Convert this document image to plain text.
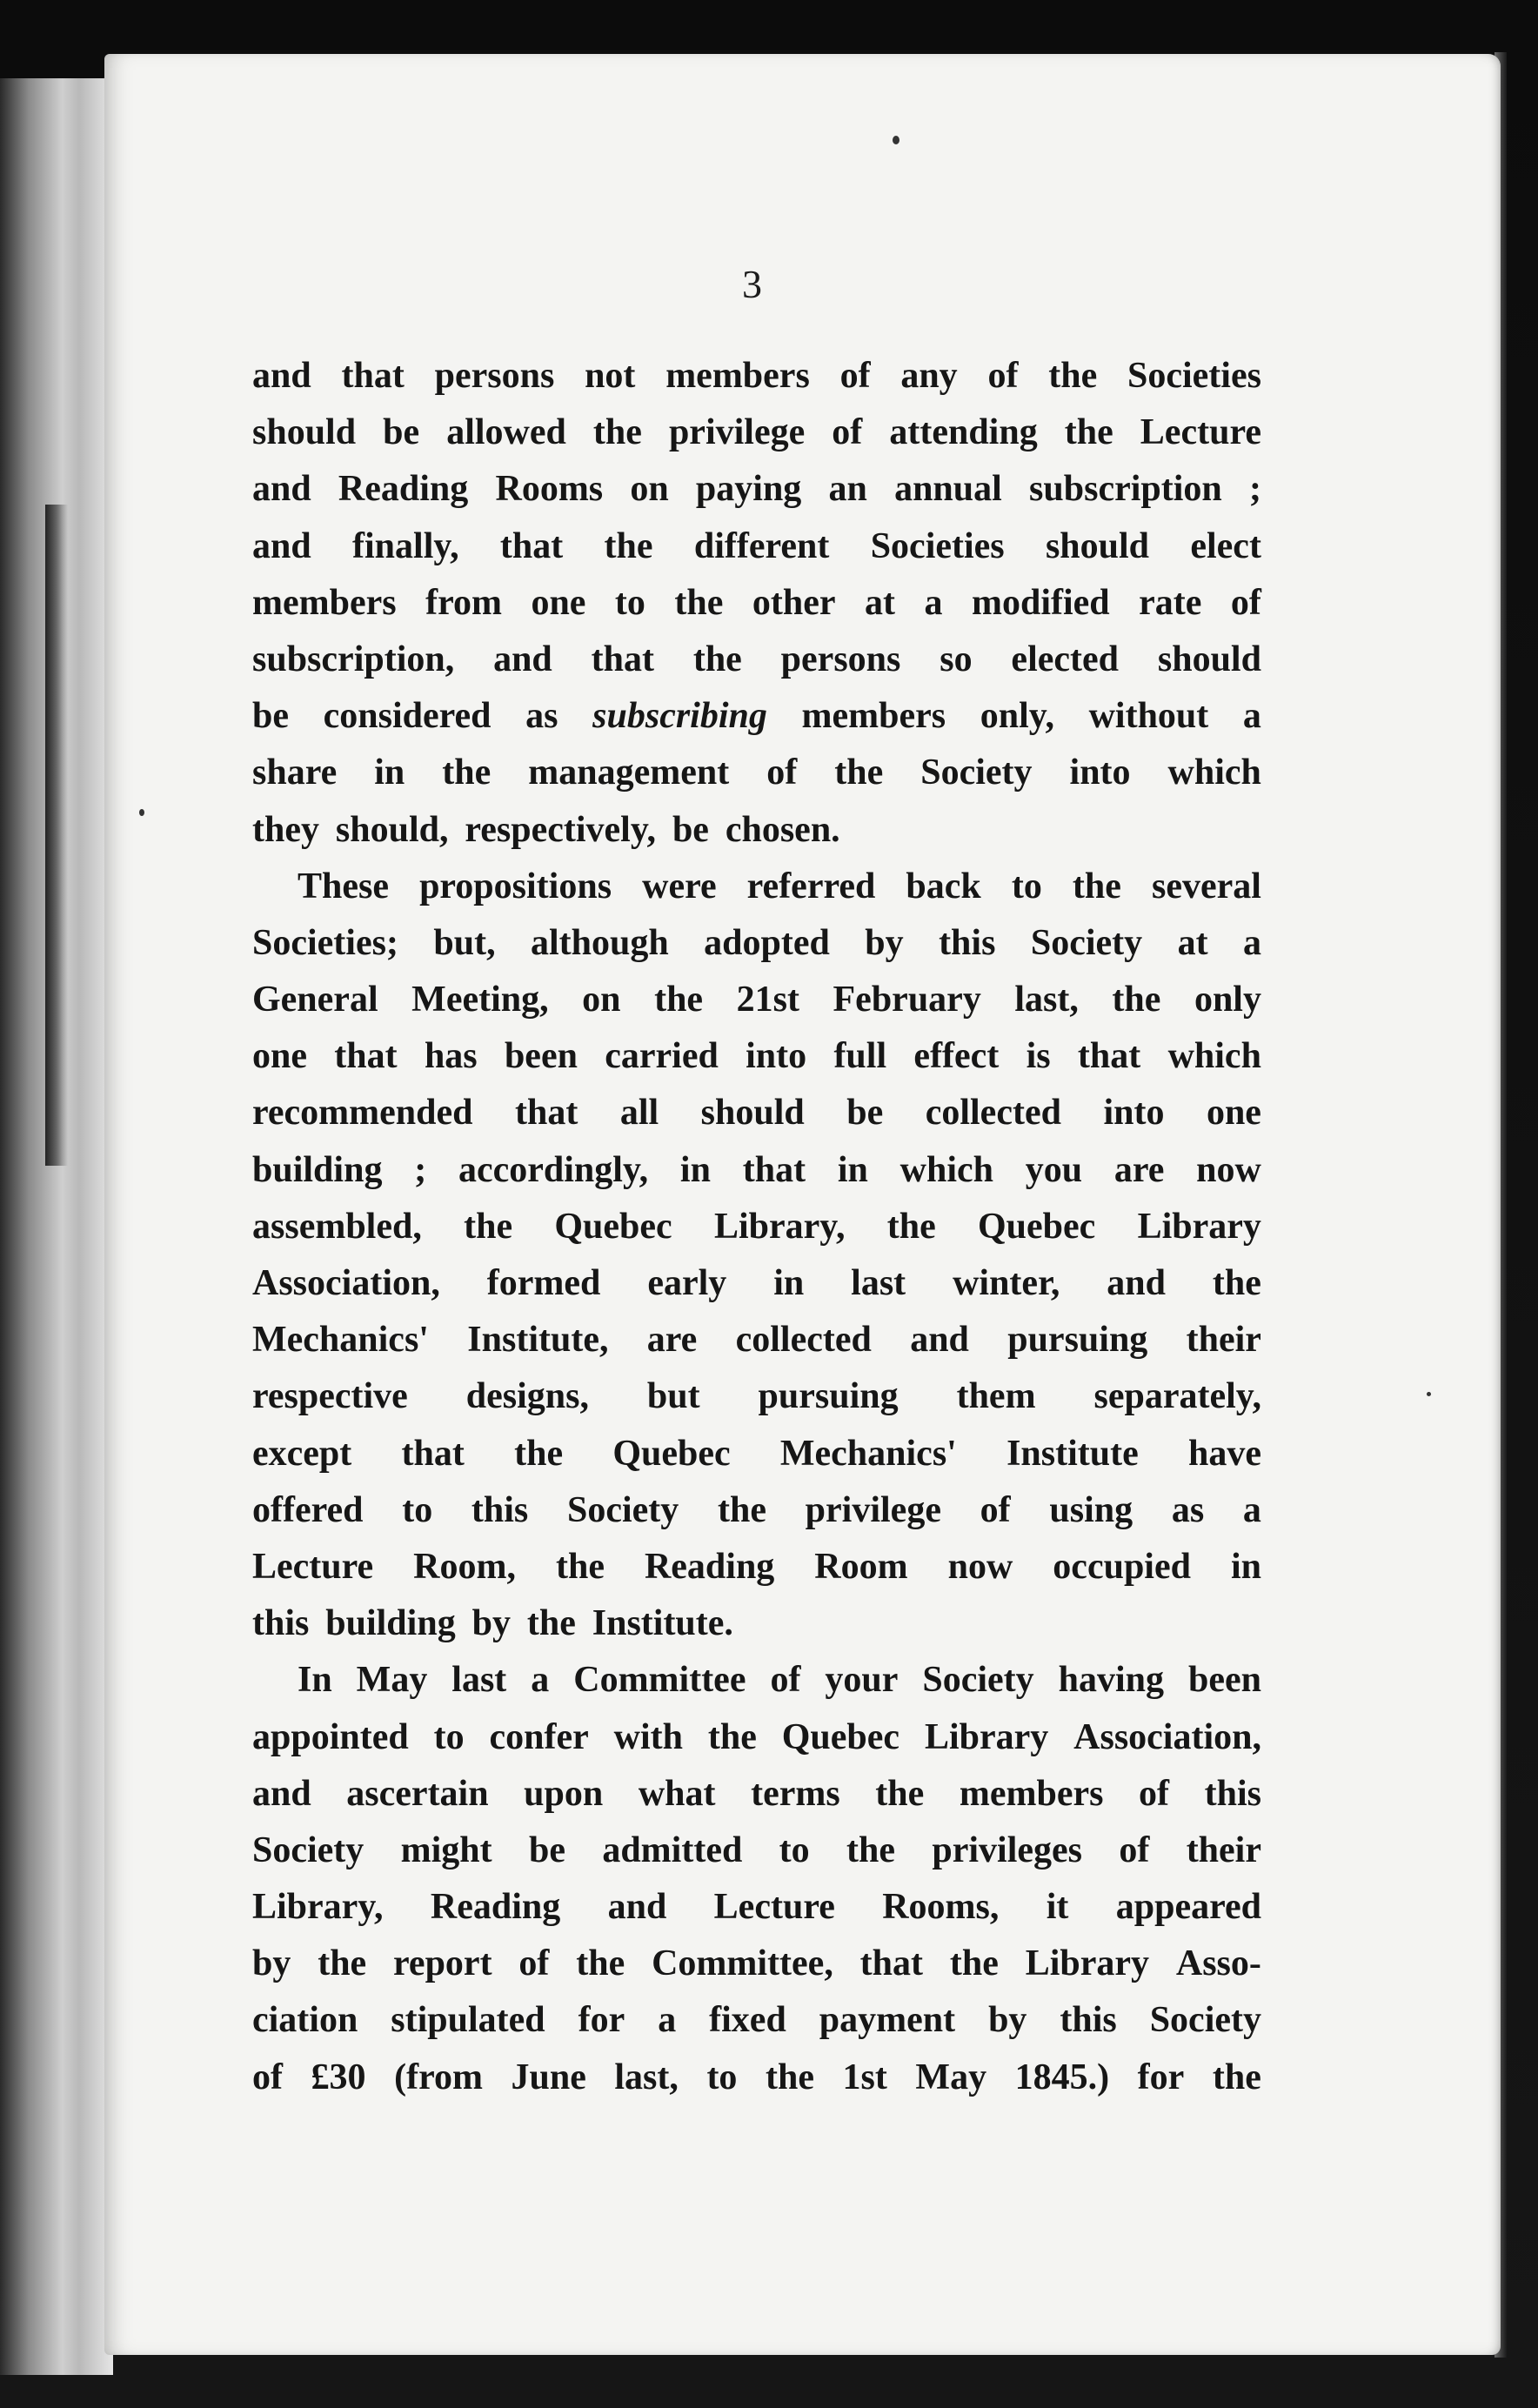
3
and that persons not members of any of the Societies
should be allowed the privilege of attending the Lecture
and Reading Rooms on paying an annual subscription ;
and finally, that the different Societies should elect
members from one to the other at a modified rate of
subscription, and that the persons so elected should
be considered as subscribing members only, without a
share in the management of the Society into which
they should, respectively, be chosen.
These propositions were referred back to the several
Societies; but, although adopted by this Society at a
General Meeting, on the 21st February last, the only
one that has been carried into full effect is that which
recommended that all should be collected into one
building ; accordingly, in that in which you are now
assembled, the Quebec Library, the Quebec Library
Association, formed early in last winter, and the
Mechanics' Institute, are collected and pursuing their
respective designs, but pursuing them separately,
except that the Quebec Mechanics' Institute have
offered to this Society the privilege of using as a
Lecture Room, the Reading Room now occupied in
this building by the Institute.
In May last a Committee of your Society having been
appointed to confer with the Quebec Library Association,
and ascertain upon what terms the members of this
Society might be admitted to the privileges of their
Library, Reading and Lecture Rooms, it appeared
by the report of the Committee, that the Library Asso-
ciation stipulated for a fixed payment by this Society
of £30 (from June last, to the 1st May 1845.) for the
